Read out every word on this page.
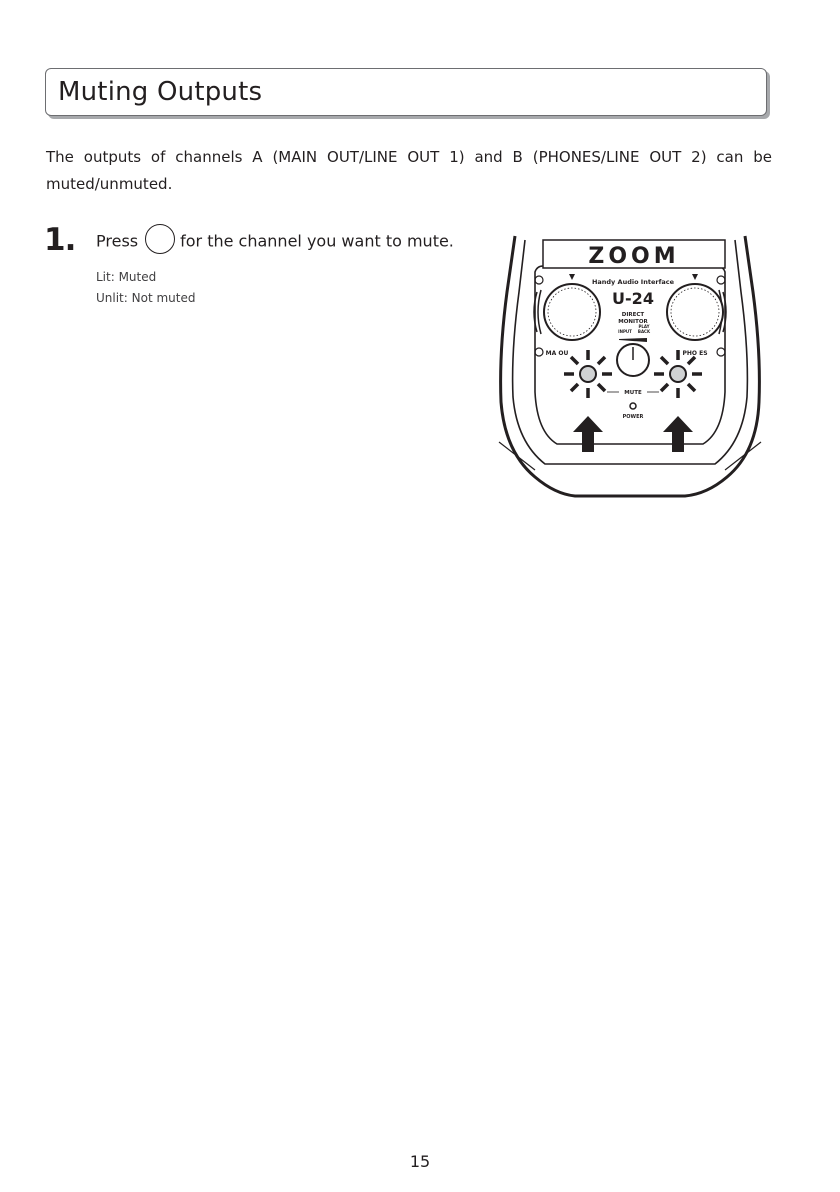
Muting Outputs
The outputs of channels A (MAIN OUT/LINE OUT 1) and B (PHONES/LINE OUT 2) can be muted/unmuted.
1. Press	for the channel you want to mute.
Lit: Muted
Unlit: Not muted
ZOOM
Handy Audio Interface
U-24
DIRECT
MONITOR
INPUT
PLAY
BACK
MA OU	PHO ES
MUTE
POWER
15
